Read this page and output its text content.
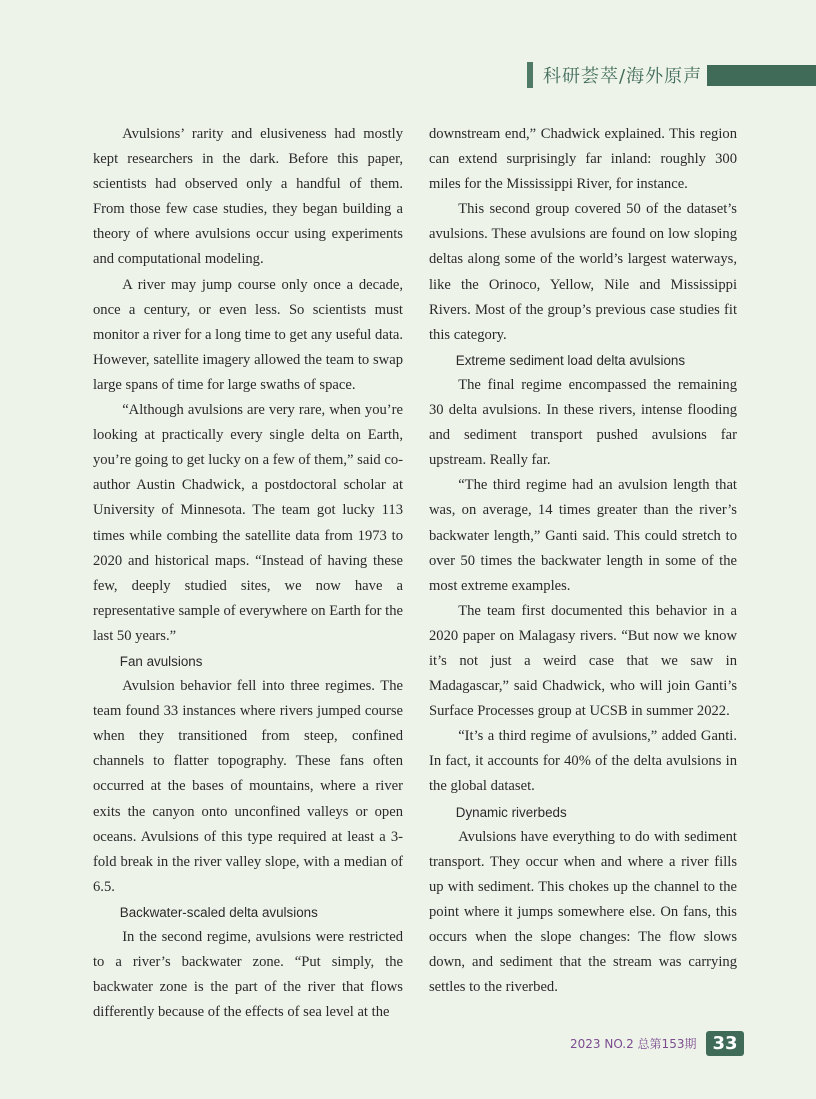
科研荟萃/海外原声

Avulsions’ rarity and elusiveness had mostly kept researchers in the dark. Before this paper, scientists had observed only a handful of them. From those few case studies, they began building a theory of where avulsions occur using experiments and computational modeling.

A river may jump course only once a decade, once a century, or even less. So scientists must monitor a river for a long time to get any useful data. However, satellite imagery allowed the team to swap large spans of time for large swaths of space.

“Although avulsions are very rare, when you’re looking at practically every single delta on Earth, you’re going to get lucky on a few of them,” said co-author Austin Chadwick, a postdoctoral scholar at University of Minnesota. The team got lucky 113 times while combing the satellite data from 1973 to 2020 and historical maps. “Instead of having these few, deeply studied sites, we now have a representative sample of everywhere on Earth for the last 50 years.”

Fan avulsions

Avulsion behavior fell into three regimes. The team found 33 instances where rivers jumped course when they transitioned from steep, confined channels to flatter topography. These fans often occurred at the bases of mountains, where a river exits the canyon onto unconfined valleys or open oceans. Avulsions of this type required at least a 3-fold break in the river valley slope, with a median of 6.5.

Backwater-scaled delta avulsions

In the second regime, avulsions were restricted to a river’s backwater zone. “Put simply, the backwater zone is the part of the river that flows differently because of the effects of sea level at the

downstream end,” Chadwick explained. This region can extend surprisingly far inland: roughly 300 miles for the Mississippi River, for instance.

This second group covered 50 of the dataset’s avulsions. These avulsions are found on low sloping deltas along some of the world’s largest waterways, like the Orinoco, Yellow, Nile and Mississippi Rivers. Most of the group’s previous case studies fit this category.

Extreme sediment load delta avulsions

The final regime encompassed the remaining 30 delta avulsions. In these rivers, intense flooding and sediment transport pushed avulsions far upstream. Really far.

“The third regime had an avulsion length that was, on average, 14 times greater than the river’s backwater length,” Ganti said. This could stretch to over 50 times the backwater length in some of the most extreme examples.

The team first documented this behavior in a 2020 paper on Malagasy rivers. “But now we know it’s not just a weird case that we saw in Madagascar,” said Chadwick, who will join Ganti’s Surface Processes group at UCSB in summer 2022.

“It’s a third regime of avulsions,” added Ganti. In fact, it accounts for 40% of the delta avulsions in the global dataset.

Dynamic riverbeds

Avulsions have everything to do with sediment transport. They occur when and where a river fills up with sediment. This chokes up the channel to the point where it jumps somewhere else. On fans, this occurs when the slope changes: The flow slows down, and sediment that the stream was carrying settles to the riverbed.

2023 NO.2 总第153期 33
